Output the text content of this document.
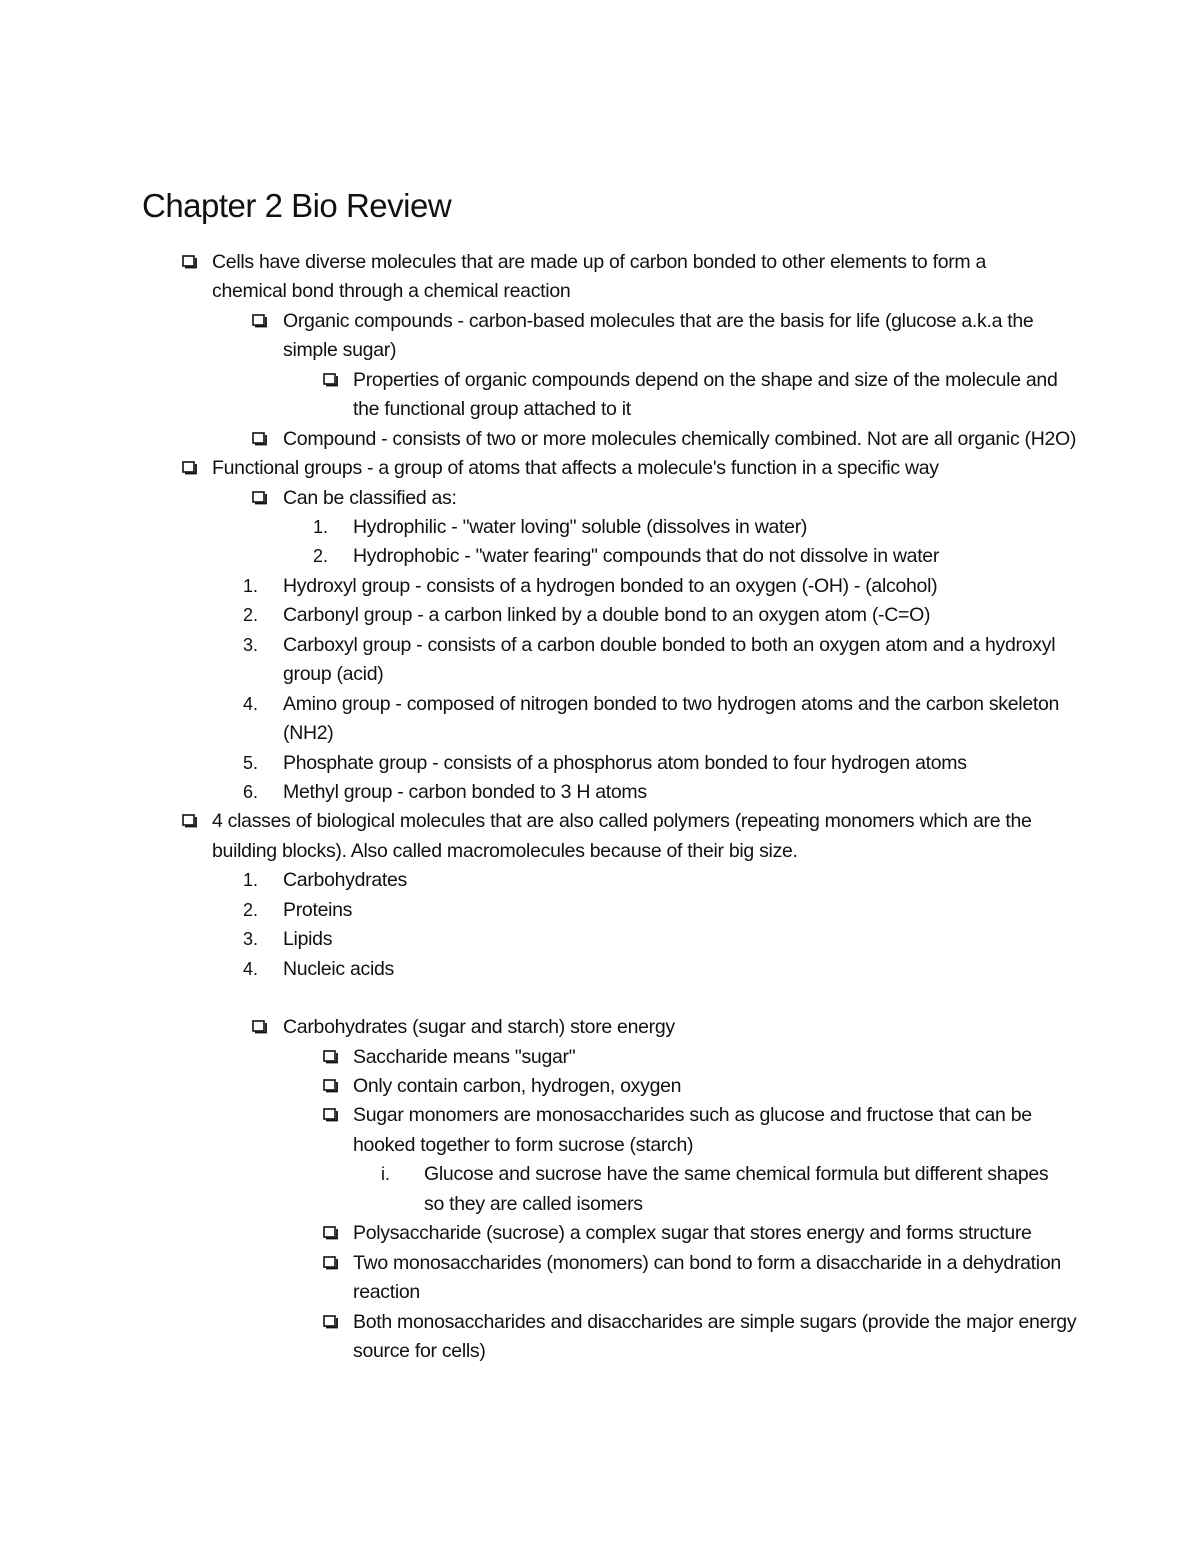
Chapter 2 Bio Review
Cells have diverse molecules that are made up of carbon bonded to other elements to form a
chemical bond through a chemical reaction
Organic compounds - carbon-based molecules that are the basis for life (glucose a.k.a the
simple sugar)
Properties of organic compounds depend on the shape and size of the molecule and
the functional group attached to it
Compound - consists of two or more molecules chemically combined. Not are all organic (H2O)
Functional groups - a group of atoms that affects a molecule's function in a specific way
Can be classified as:
1. Hydrophilic - "water loving" soluble (dissolves in water)
2. Hydrophobic - "water fearing" compounds that do not dissolve in water
1. Hydroxyl group - consists of a hydrogen bonded to an oxygen (-OH) - (alcohol)
2. Carbonyl group - a carbon linked by a double bond to an oxygen atom (-C=O)
3. Carboxyl group - consists of a carbon double bonded to both an oxygen atom and a hydroxyl
group (acid)
4. Amino group - composed of nitrogen bonded to two hydrogen atoms and the carbon skeleton
(NH2)
5. Phosphate group - consists of a phosphorus atom bonded to four hydrogen atoms
6. Methyl group - carbon bonded to 3 H atoms
4 classes of biological molecules that are also called polymers (repeating monomers which are the
building blocks). Also called macromolecules because of their big size.
1. Carbohydrates
2. Proteins
3. Lipids
4. Nucleic acids
Carbohydrates (sugar and starch) store energy
Saccharide means "sugar"
Only contain carbon, hydrogen, oxygen
Sugar monomers are monosaccharides such as glucose and fructose that can be
hooked together to form sucrose (starch)
i. Glucose and sucrose have the same chemical formula but different shapes
so they are called isomers
Polysaccharide (sucrose) a complex sugar that stores energy and forms structure
Two monosaccharides (monomers) can bond to form a disaccharide in a dehydration
reaction
Both monosaccharides and disaccharides are simple sugars (provide the major energy
source for cells)
